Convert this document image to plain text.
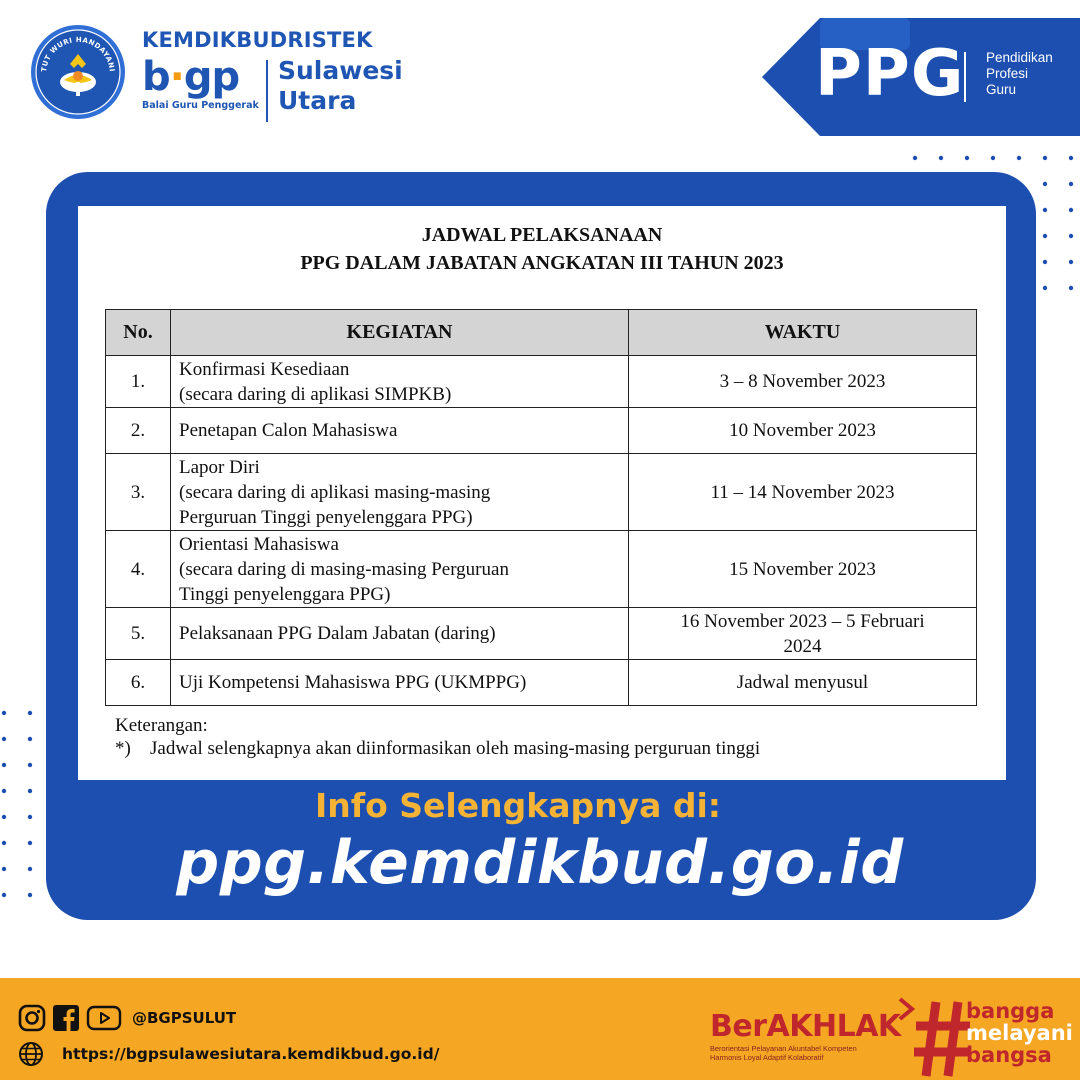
TUT WURI HANDAYANI
KEMDIKBUDRISTEK
b·gp
Balai Guru Penggerak
Sulawesi
Utara	PPG Pendidikan
Profesi
Guru
JADWAL PELAKSANAAN
PPG DALAM JABATAN ANGKATAN III TAHUN 2023
No.	KEGIATAN	WAKTU
1.	Konfirmasi Kesediaan
(secara daring di aplikasi SIMPKB)	3 – 8 November 2023

2.	Penetapan Calon Mahasiswa	10 November 2023

3.	Lapor Diri
(secara daring di aplikasi masing-masing
Perguruan Tinggi penyelenggara PPG)	11 – 14 November 2023

4.	Orientasi Mahasiswa
(secara daring di masing-masing Perguruan
Tinggi penyelenggara PPG)	15 November 2023

5.	Pelaksanaan PPG Dalam Jabatan (daring)	16 November 2023 – 5 Februari
2024

6.	Uji Kompetensi Mahasiswa PPG (UKMPPG)	Jadwal menyusul
Keterangan:
*)	Jadwal selengkapnya akan diinformasikan oleh masing-masing perguruan tinggi
Info Selengkapnya di:
ppg.kemdikbud.go.id
@BGPSULUT
https://bgpsulawesiutara.kemdikbud.go.id/
BerAKHLAK
Berorientasi Pelayanan Akuntabel Kompeten
Harmonis Loyal Adaptif Kolaboratif
bangga
melayani
bangsa
